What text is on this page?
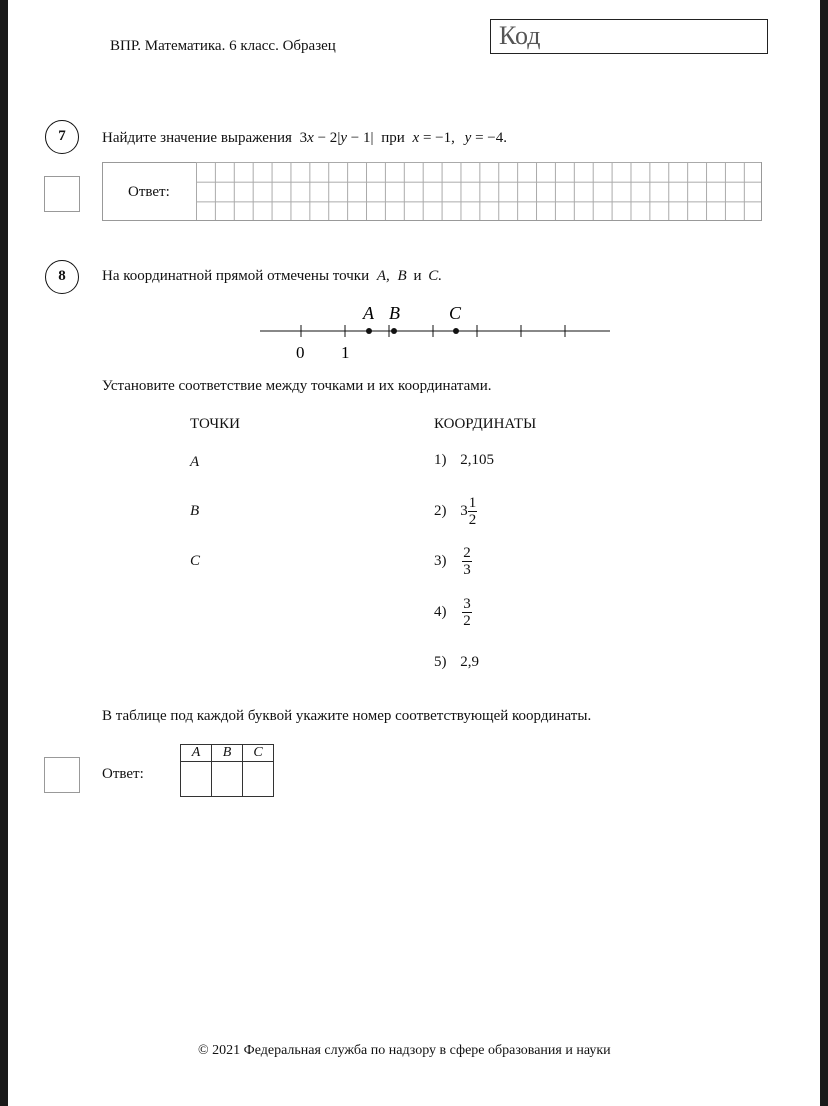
ВПР. Математика. 6 класс. Образец	Код
7	Найдите значение выражения 3x − 2|y − 1| при x = −1, y = −4.
Ответ:
8	На координатной прямой отмечены точки A, B и C.
A B	C
0 1
Установите соответствие между точками и их координатами.
ТОЧКИ	КООРДИНАТЫ
A
B
C
1) 2,105
2) $3 \frac{1}{2}$
$3) \frac{2}{3}$
$4) \frac{3}{2}$
5) 2,9
В таблице под каждой буквой укажите номер соответствующей координаты.
Ответ:
A	B	C

© 2021 Федеральная служба по надзору в сфере образования и науки
